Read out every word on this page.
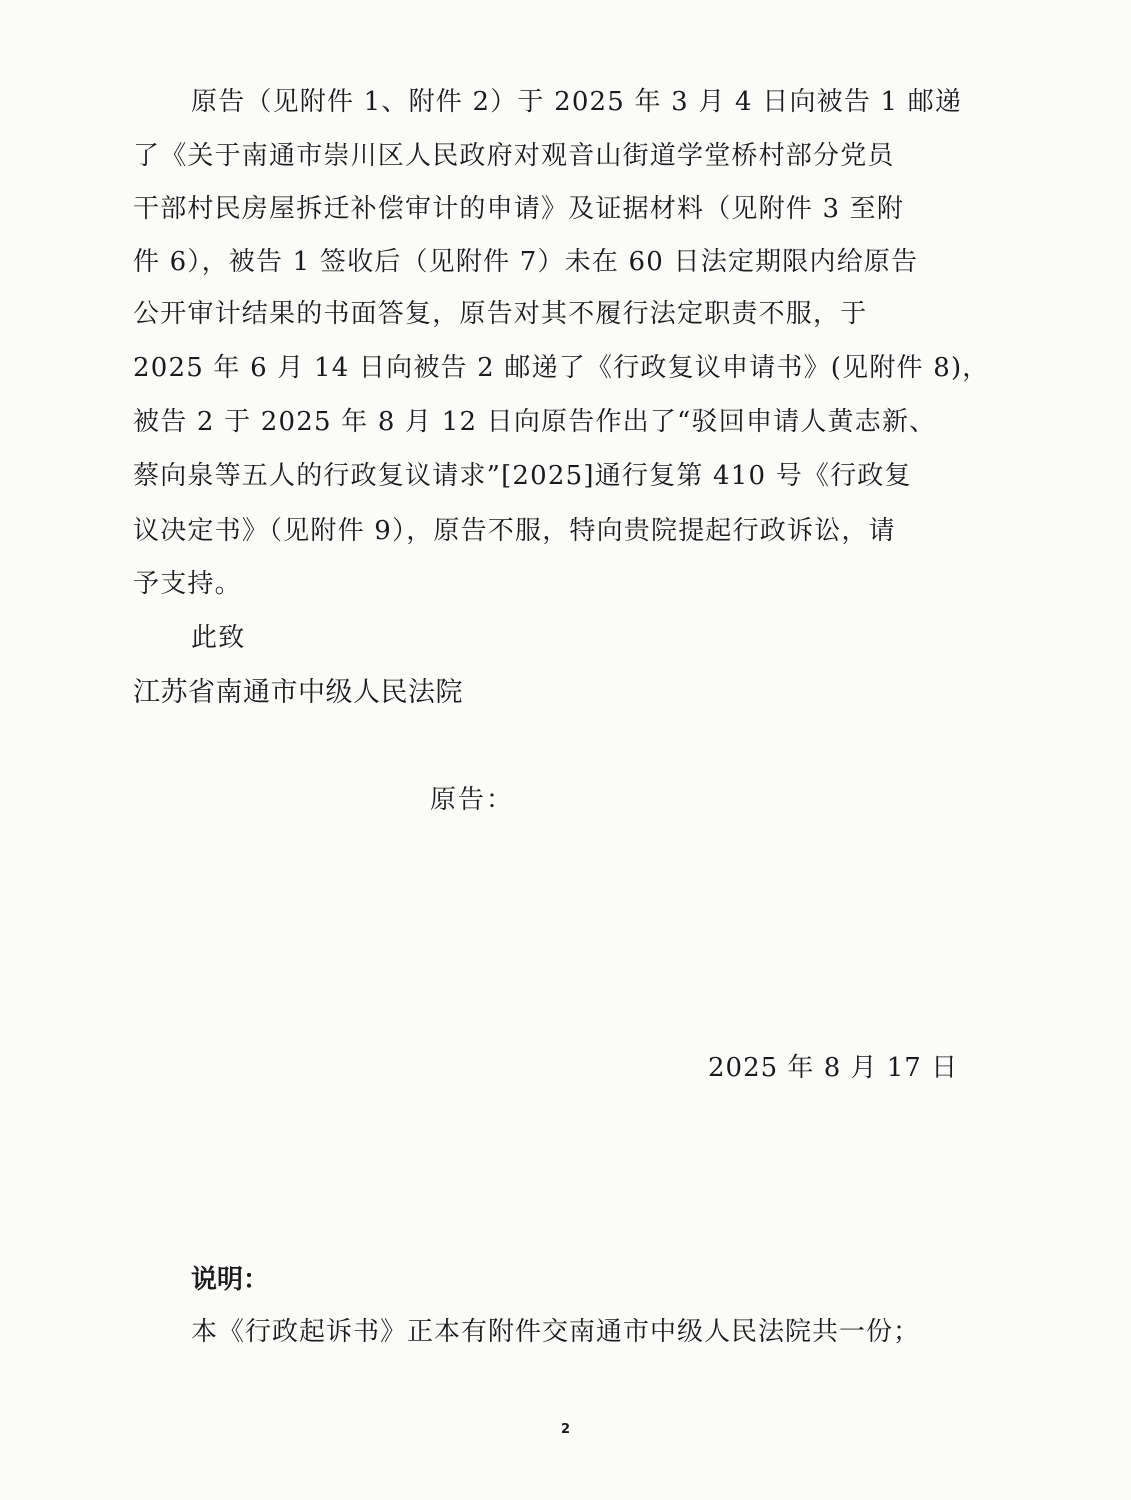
原告（见附件 1、附件 2）于 2025 年 3 月 4 日向被告 1 邮递
了《关于南通市崇川区人民政府对观音山街道学堂桥村部分党员
干部村民房屋拆迁补偿审计的申请》及证据材料（见附件 3 至附
件 6），被告 1 签收后（见附件 7）未在 60 日法定期限内给原告
公开审计结果的书面答复，原告对其不履行法定职责不服，于
2025 年 6 月 14 日向被告 2 邮递了《行政复议申请书》(见附件 8)，
被告 2 于 2025 年 8 月 12 日向原告作出了“驳回申请人黄志新、
蔡向泉等五人的行政复议请求”[2025]通行复第 410 号《行政复
议决定书》（见附件 9），原告不服，特向贵院提起行政诉讼，请
予支持。
此致
江苏省南通市中级人民法院
原告：
2025 年 8 月 17 日
说明：
本《行政起诉书》正本有附件交南通市中级人民法院共一份；
2
